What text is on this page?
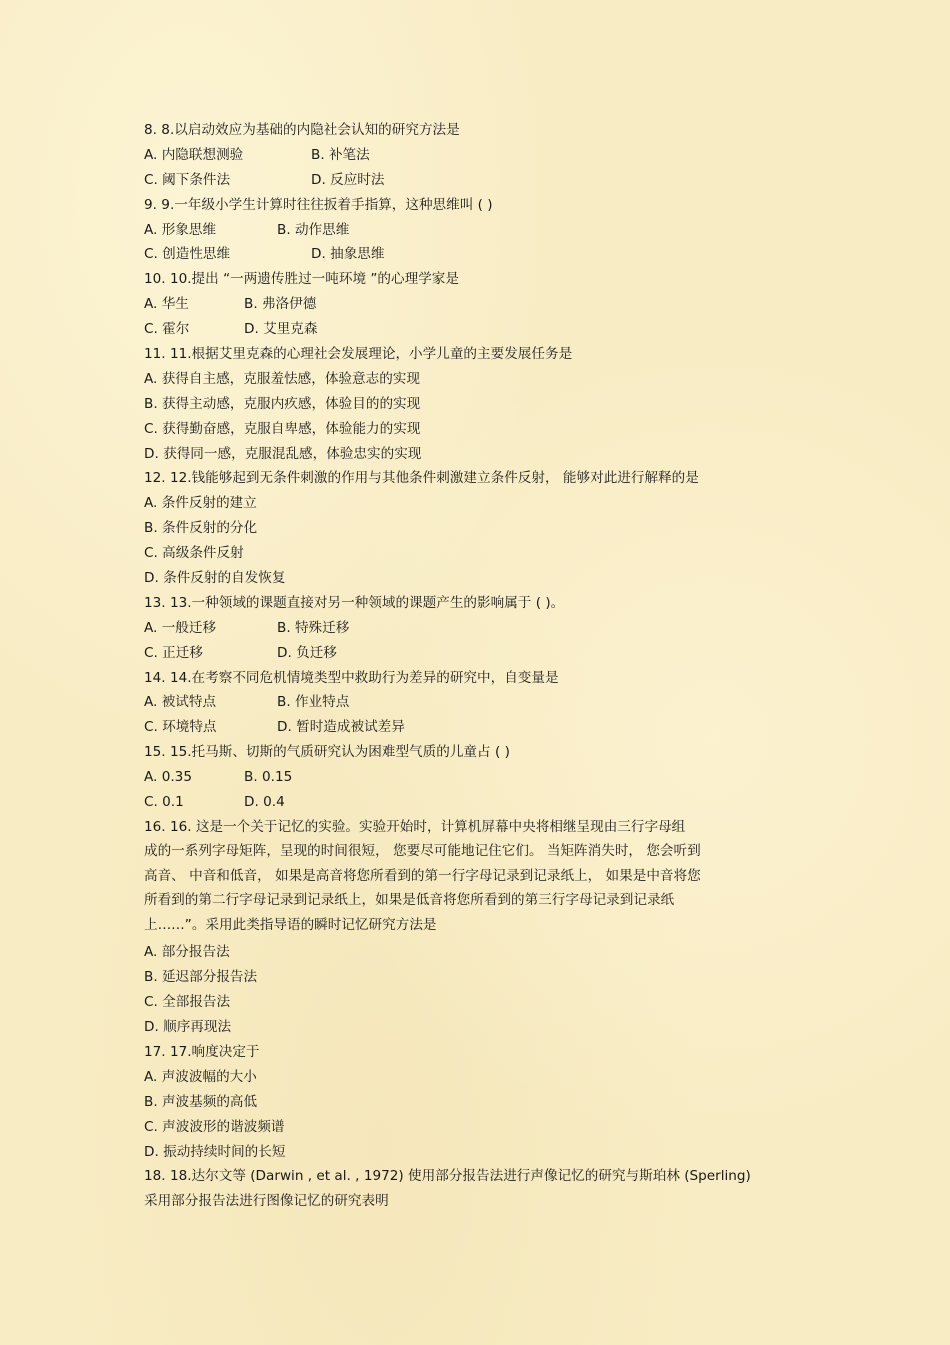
8. 8.以启动效应为基础的内隐社会认知的研究方法是
A. 内隐联想测验	B. 补笔法
C. 阈下条件法	D. 反应时法
9. 9.一年级小学生计算时往往扳着手指算，这种思维叫 ( )
A. 形象思维	B. 动作思维
C. 创造性思维	D. 抽象思维
10. 10.提出 “一两遗传胜过一吨环境 ”的心理学家是
A. 华生	B. 弗洛伊德
C. 霍尔	D. 艾里克森
11. 11.根据艾里克森的心理社会发展理论，小学儿童的主要发展任务是
A. 获得自主感，克服羞怯感，体验意志的实现
B. 获得主动感，克服内疚感，体验目的的实现
C. 获得勤奋感，克服自卑感，体验能力的实现
D. 获得同一感，克服混乱感，体验忠实的实现
12. 12.钱能够起到无条件刺激的作用与其他条件刺激建立条件反射， 能够对此进行解释的是
A. 条件反射的建立
B. 条件反射的分化
C. 高级条件反射
D. 条件反射的自发恢复
13. 13.一种领域的课题直接对另一种领域的课题产生的影响属于 ( )。
A. 一般迁移	B. 特殊迁移
C. 正迁移	D. 负迁移
14. 14.在考察不同危机情境类型中救助行为差异的研究中，自变量是
A. 被试特点	B. 作业特点
C. 环境特点	D. 暂时造成被试差异
15. 15.托马斯、切斯的气质研究认为困难型气质的儿童占 ( )
A. 0.35	B. 0.15
C. 0.1	D. 0.4
16. 16. 这是一个关于记忆的实验。实验开始时，计算机屏幕中央将相继呈现由三行字母组
成的一系列字母矩阵，呈现的时间很短， 您要尽可能地记住它们。 当矩阵消失时， 您会听到
高音、 中音和低音， 如果是高音将您所看到的第一行字母记录到记录纸上， 如果是中音将您
所看到的第二行字母记录到记录纸上，如果是低音将您所看到的第三行字母记录到记录纸
上……”。采用此类指导语的瞬时记忆研究方法是
A. 部分报告法
B. 延迟部分报告法
C. 全部报告法
D. 顺序再现法
17. 17.响度决定于
A. 声波波幅的大小
B. 声波基频的高低
C. 声波波形的谐波频谱
D. 振动持续时间的长短
18. 18.达尔文等 (Darwin , et al. , 1972) 使用部分报告法进行声像记忆的研究与斯珀林 (Sperling)
采用部分报告法进行图像记忆的研究表明
